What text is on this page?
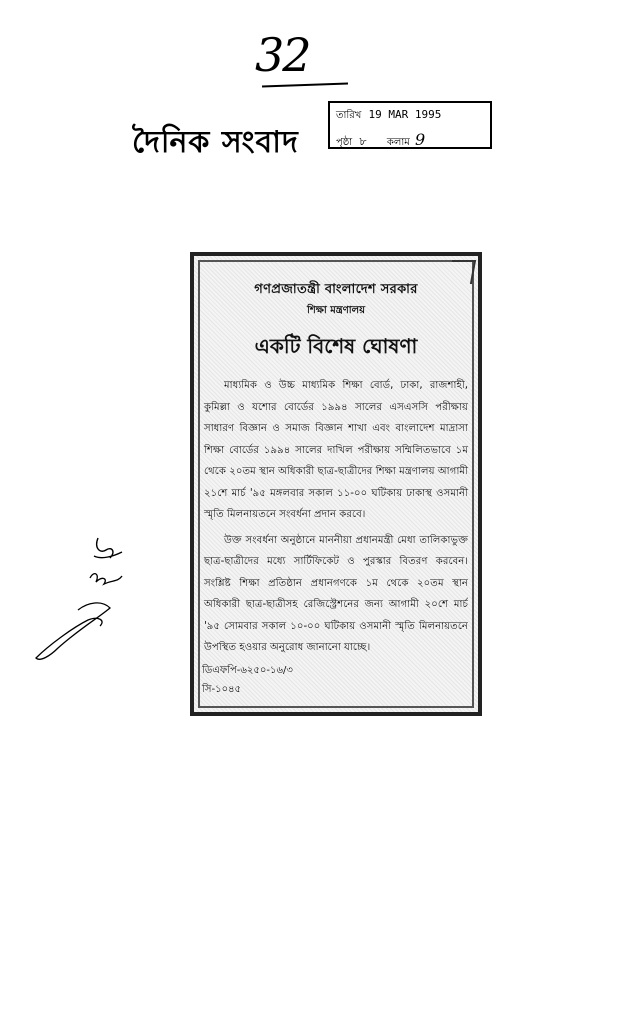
32
দৈনিক সংবাদ
তারিখ 19 MAR 1995
পৃষ্ঠা ৮ কলাম 9
গণপ্রজাতন্ত্রী বাংলাদেশ সরকার
শিক্ষা মন্ত্রণালয়
একটি বিশেষ ঘোষণা

মাধ্যমিক ও উচ্চ মাধ্যমিক শিক্ষা বোর্ড, ঢাকা, রাজশাহী, কুমিল্লা ও যশোর বোর্ডের ১৯৯৪ সালের এসএসসি পরীক্ষায় সাধারণ বিজ্ঞান ও সমাজ বিজ্ঞান শাখা এবং বাংলাদেশ মাদ্রাসা শিক্ষা বোর্ডের ১৯৯৪ সালের দাখিল পরীক্ষায় সম্মিলিতভাবে ১ম থেকে ২০তম স্থান অধিকারী ছাত্র-ছাত্রীদের শিক্ষা মন্ত্রণালয় আগামী ২১শে মার্চ '৯৫ মঙ্গলবার সকাল ১১-০০ ঘটিকায় ঢাকাস্থ ওসমানী স্মৃতি মিলনায়তনে সংবর্ধনা প্রদান করবে।

উক্ত সংবর্ধনা অনুষ্ঠানে মাননীয়া প্রধানমন্ত্রী মেধা তালিকাভুক্ত ছাত্র-ছাত্রীদের মধ্যে সার্টিফিকেট ও পুরস্কার বিতরণ করবেন। সংশ্লিষ্ট শিক্ষা প্রতিষ্ঠান প্রধানগণকে ১ম থেকে ২০তম স্থান অধিকারী ছাত্র-ছাত্রীসহ রেজিস্ট্রেশনের জন্য আগামী ২০শে মার্চ '৯৫ সোমবার সকাল ১০-০০ ঘটিকায় ওসমানী স্মৃতি মিলনায়তনে উপস্থিত হওয়ার অনুরোধ জানানো যাচ্ছে।

ডিএফপি-৬২৫০-১৬/৩
সি-১০৪৫
